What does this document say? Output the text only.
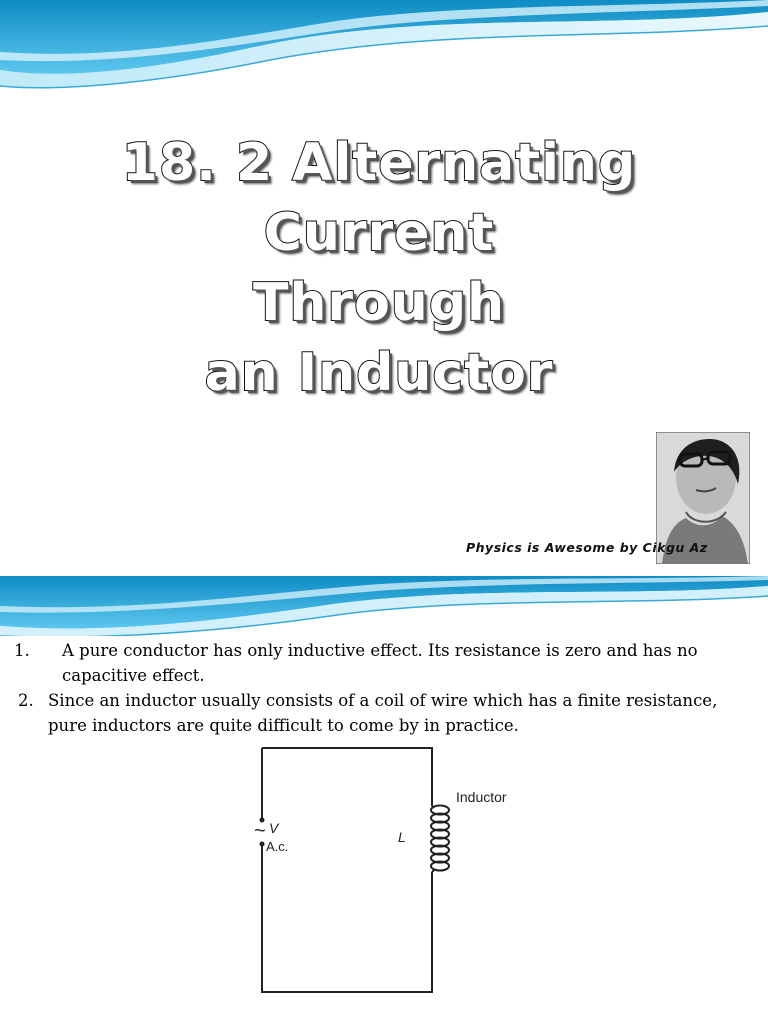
18. 2 Alternating
Current
Through
an Inductor

Physics is Awesome by Cikgu Az

1. A pure conductor has only inductive effect. Its resistance is zero and has no capacitive effect.
2. Since an inductor usually consists of a coil of wire which has a finite resistance, pure inductors are quite difficult to come by in practice.
~ V
A.c.
L
Inductor
